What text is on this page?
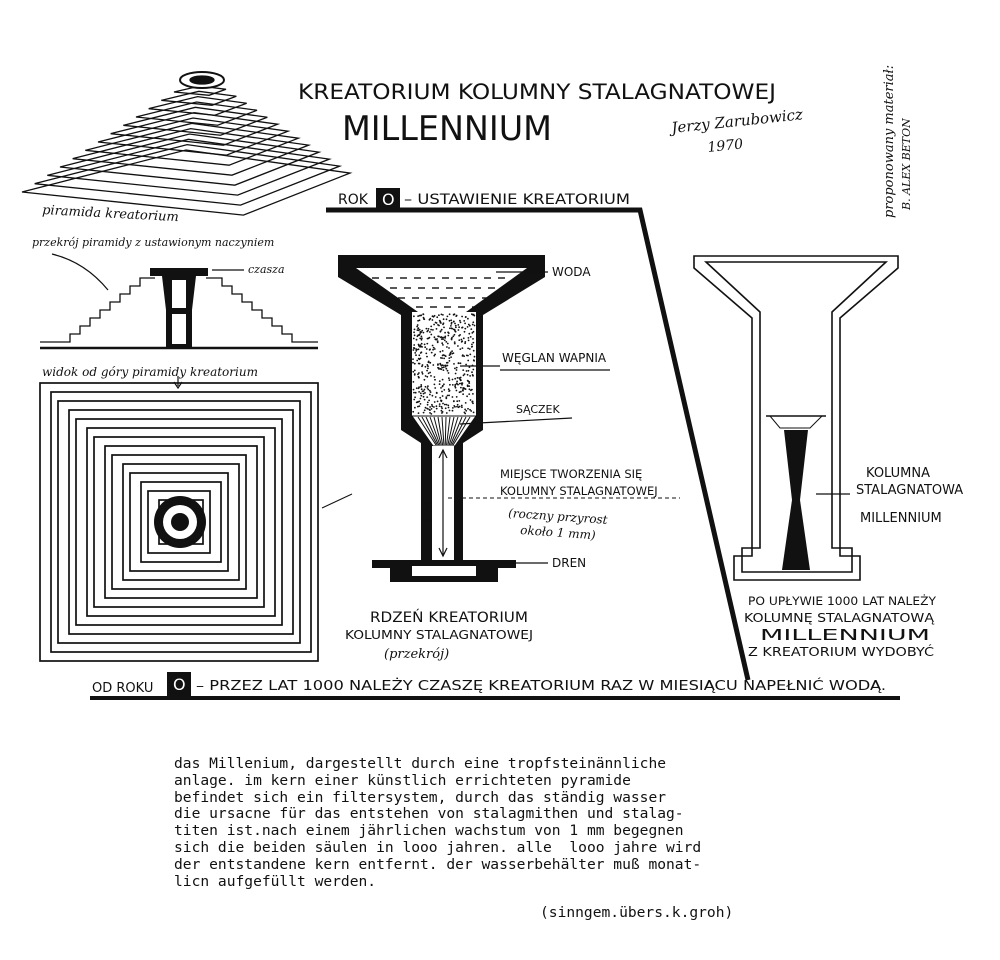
KREATORIUM KOLUMNY STALAGNATOWEJ
MILLENNIUM	Jerzy Zarubowicz
1970	proponowany materiał: B. ALEX BETON
piramida kreatorium
przekrój piramidy z ustawionym naczyniem
czasza
widok od góry piramidy kreatorium
ROK O – USTAWIENIE KREATORIUM
WODA
WĘGLAN WAPNIA
SĄCZEK
MIEJSCE TWORZENIA SIĘ
KOLUMNY STALAGNATOWEJ
(roczny przyrost
około 1 mm)
1 m
DREN
RDZEŃ KREATORIUM
KOLUMNY STALAGNATOWEJ
(przekrój)
KOLUMNA
STALAGNATOWA
MILLENNIUM
PO UPŁYWIE 1000 LAT NALEŻY
KOLUMNĘ STALAGNATOWĄ
MILLENNIUM
Z KREATORIUM WYDOBYĆ
OD ROKU O – PRZEZ LAT 1000 NALEŻY CZASZĘ KREATORIUM RAZ W MIESIĄCU NAPEŁNIĆ WODĄ.
das Millenium, dargestellt durch eine tropfsteinännliche
anlage. im kern einer künstlich errichteten pyramide
befindet sich ein filtersystem, durch das ständig wasser
die ursacne für das entstehen von stalagmithen und stalag-
titen ist.nach einem jährlichen wachstum von 1 mm begegnen
sich die beiden säulen in looo jahren. alle  looo jahre wird
der entstandene kern entfernt. der wasserbehälter muß monat-
licn aufgefüllt werden.
(sinngem.übers.k.groh)
